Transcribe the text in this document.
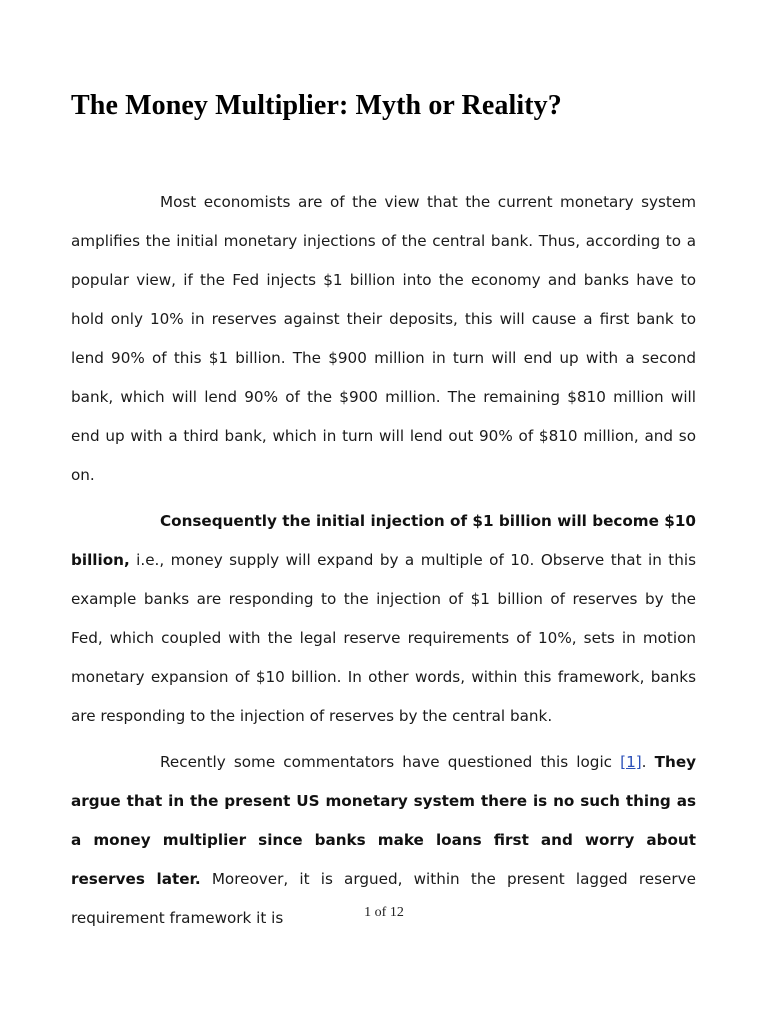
The Money Multiplier: Myth or Reality?

Most economists are of the view that the current monetary system amplifies the initial monetary injections of the central bank. Thus, according to a popular view, if the Fed injects $1 billion into the economy and banks have to hold only 10% in reserves against their deposits, this will cause a first bank to lend 90% of this $1 billion. The $900 million in turn will end up with a second bank, which will lend 90% of the $900 million. The remaining $810 million will end up with a third bank, which in turn will lend out 90% of $810 million, and so on.

Consequently the initial injection of $1 billion will become $10 billion, i.e., money supply will expand by a multiple of 10. Observe that in this example banks are responding to the injection of $1 billion of reserves by the Fed, which coupled with the legal reserve requirements of 10%, sets in motion monetary expansion of $10 billion. In other words, within this framework, banks are responding to the injection of reserves by the central bank.

Recently some commentators have questioned this logic [1]. They argue that in the present US monetary system there is no such thing as a money multiplier since banks make loans first and worry about reserves later. Moreover, it is argued, within the present lagged reserve requirement framework it is	1 of 12
